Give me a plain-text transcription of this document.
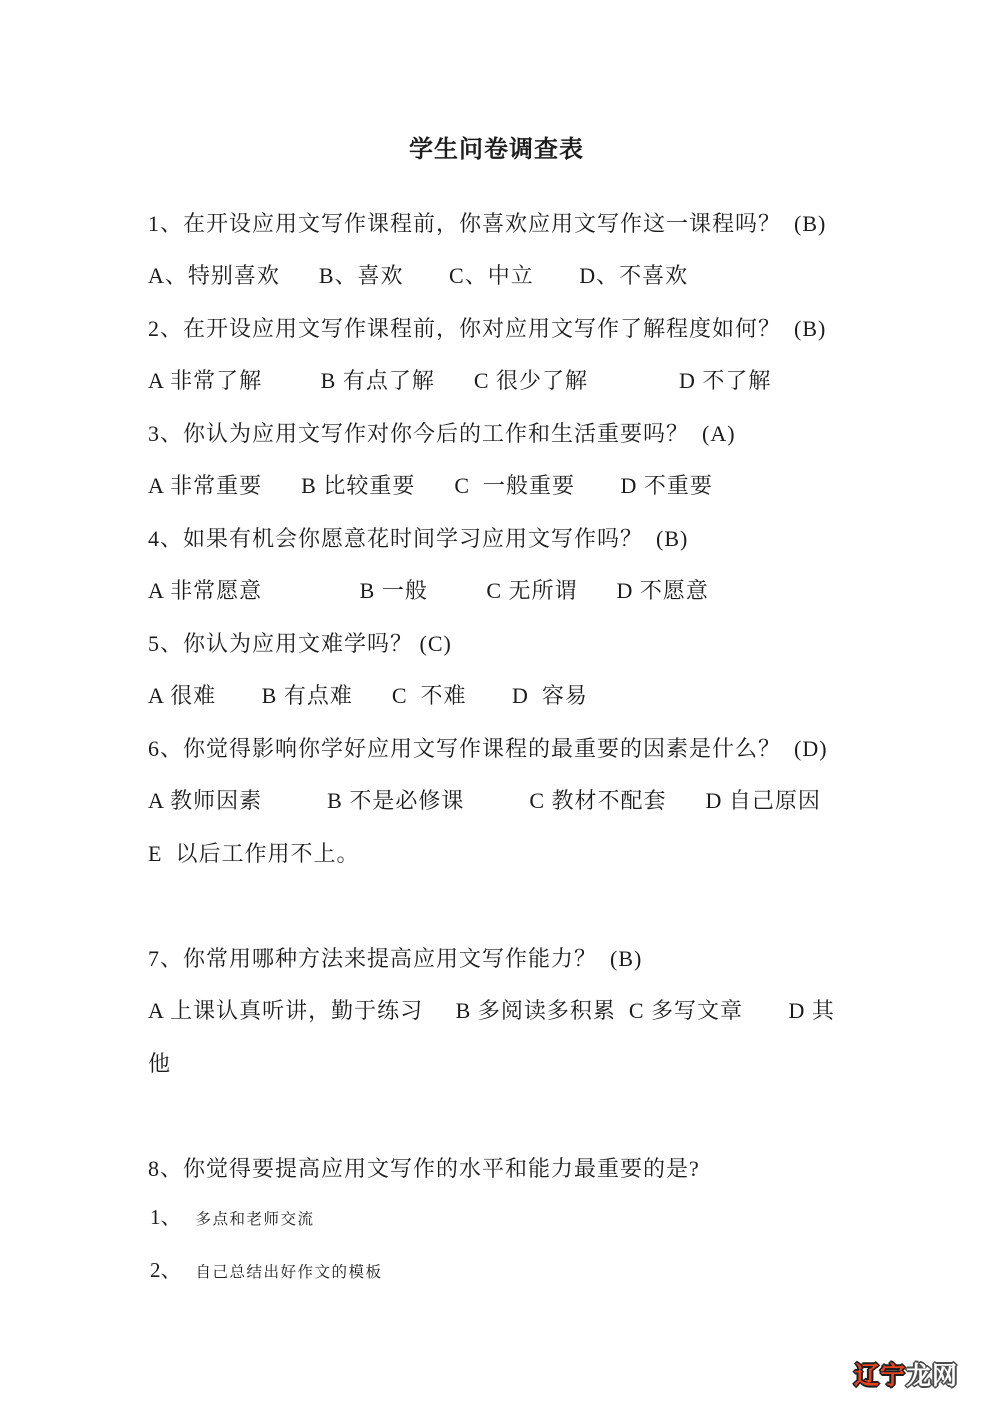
学生问卷调查表
1、在开设应用文写作课程前，你喜欢应用文写作这一课程吗？  (B)
A、特别喜欢      B、喜欢       C、中立       D、不喜欢
2、在开设应用文写作课程前，你对应用文写作了解程度如何？  (B)
A 非常了解         B 有点了解      C 很少了解              D 不了解
3、你认为应用文写作对你今后的工作和生活重要吗？  (A)
A 非常重要      B 比较重要      C  一般重要       D 不重要
4、如果有机会你愿意花时间学习应用文写作吗？  (B)
A 非常愿意               B 一般         C 无所谓      D 不愿意
5、你认为应用文难学吗？ (C)
A 很难       B 有点难      C  不难       D  容易
6、你觉得影响你学好应用文写作课程的最重要的因素是什么？  (D)
A 教师因素          B 不是必修课          C 教材不配套      D 自己原因
E  以后工作用不上。
7、你常用哪种方法来提高应用文写作能力？  (B)
A 上课认真听讲，勤于练习     B 多阅读多积累  C 多写文章       D 其
他
8、你觉得要提高应用文写作的水平和能力最重要的是?
1、 多点和老师交流
2、 自己总结出好作文的模板
辽宁龙网
